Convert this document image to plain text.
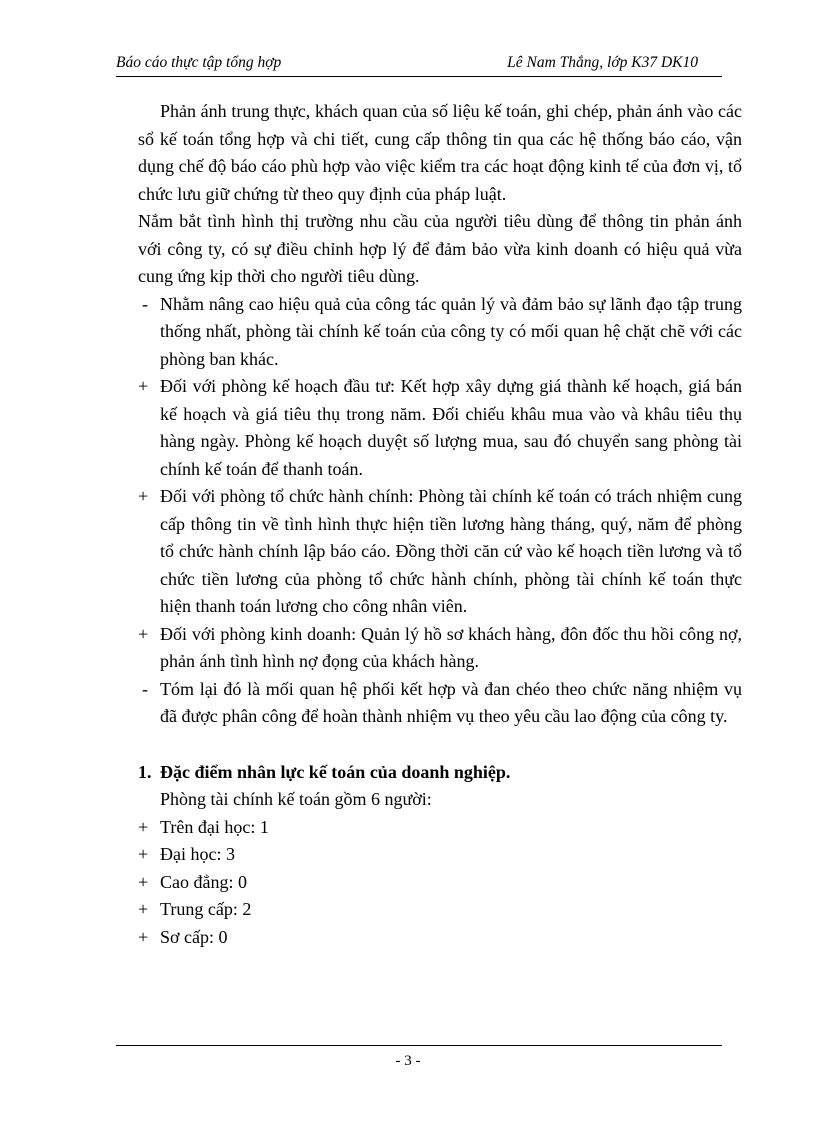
Báo cáo thực tập tổng hợp	Lê Nam Thắng, lớp K37 DK10

Phản ánh trung thực, khách quan của số liệu kế toán, ghi chép, phản ánh vào các sổ kế toán tổng hợp và chi tiết, cung cấp thông tin qua các hệ thống báo cáo, vận dụng chế độ báo cáo phù hợp vào việc kiểm tra các hoạt động kinh tế của đơn vị, tổ chức lưu giữ chứng từ theo quy định của pháp luật.

Nắm bắt tình hình thị trường nhu cầu của người tiêu dùng để thông tin phản ánh với công ty, có sự điều chỉnh hợp lý để đảm bảo vừa kinh doanh có hiệu quả vừa cung ứng kịp thời cho người tiêu dùng.

- Nhằm nâng cao hiệu quả của công tác quản lý và đảm bảo sự lãnh đạo tập trung thống nhất, phòng tài chính kế toán của công ty có mối quan hệ chặt chẽ với các phòng ban khác.
+ Đối với phòng kế hoạch đầu tư: Kết hợp xây dựng giá thành kế hoạch, giá bán kế hoạch và giá tiêu thụ trong năm. Đối chiếu khâu mua vào và khâu tiêu thụ hàng ngày. Phòng kế hoạch duyệt số lượng mua, sau đó chuyển sang phòng tài chính kế toán để thanh toán.
+ Đối với phòng tổ chức hành chính: Phòng tài chính kế toán có trách nhiệm cung cấp thông tin về tình hình thực hiện tiền lương hàng tháng, quý, năm để phòng tổ chức hành chính lập báo cáo. Đồng thời căn cứ vào kế hoạch tiền lương và tổ chức tiền lương của phòng tổ chức hành chính, phòng tài chính kế toán thực hiện thanh toán lương cho công nhân viên.
+ Đối với phòng kinh doanh: Quản lý hồ sơ khách hàng, đôn đốc thu hồi công nợ, phản ánh tình hình nợ đọng của khách hàng.
- Tóm lại đó là mối quan hệ phối kết hợp và đan chéo theo chức năng nhiệm vụ đã được phân công để hoàn thành nhiệm vụ theo yêu cầu lao động của công ty.
1. Đặc điểm nhân lực kế toán của doanh nghiệp.
Phòng tài chính kế toán gồm 6 người:
+ Trên đại học: 1
+ Đại học: 3
+ Cao đẳng: 0
+ Trung cấp: 2
+ Sơ cấp: 0
- 3 -
